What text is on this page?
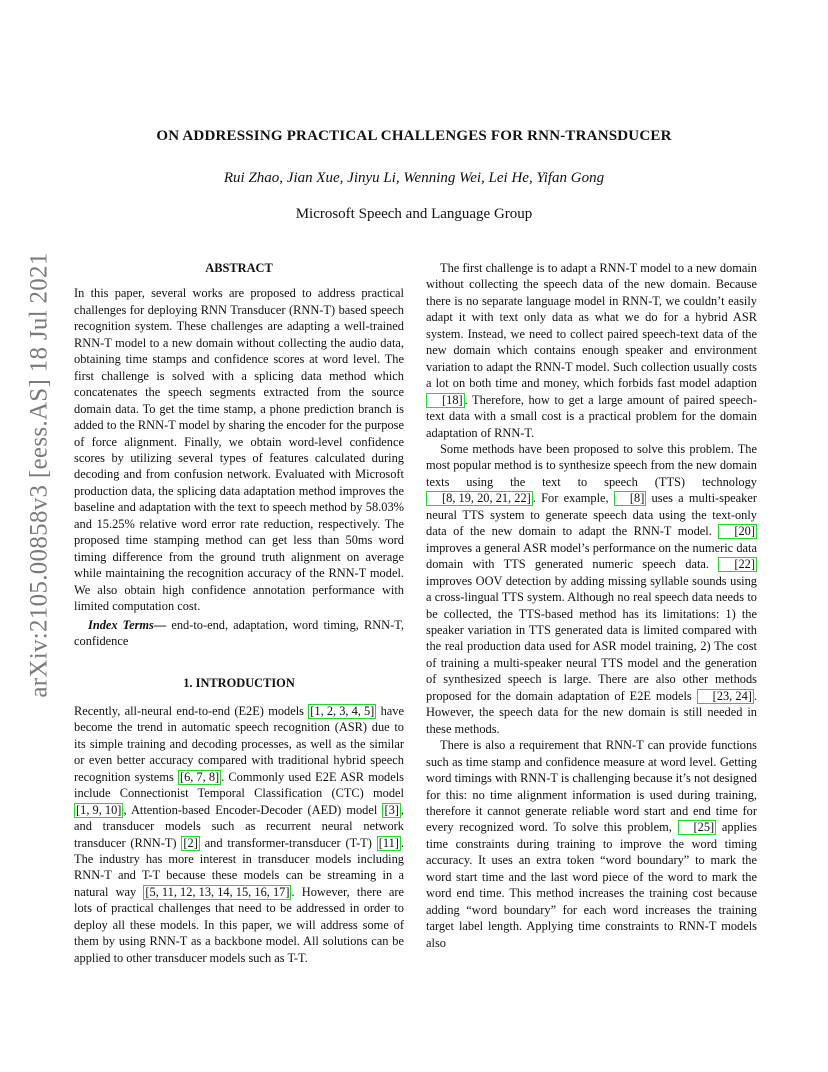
arXiv:2105.00858v3 [eess.AS] 18 Jul 2021
ON ADDRESSING PRACTICAL CHALLENGES FOR RNN-TRANSDUCER
Rui Zhao, Jian Xue, Jinyu Li, Wenning Wei, Lei He, Yifan Gong
Microsoft Speech and Language Group
ABSTRACT

In this paper, several works are proposed to address practical challenges for deploying RNN Transducer (RNN-T) based speech recognition system. These challenges are adapting a well-trained RNN-T model to a new domain without collecting the audio data, obtaining time stamps and confidence scores at word level. The first challenge is solved with a splicing data method which concatenates the speech segments extracted from the source domain data. To get the time stamp, a phone prediction branch is added to the RNN-T model by sharing the encoder for the purpose of force alignment. Finally, we obtain word-level confidence scores by utilizing several types of features calculated during decoding and from confusion network. Evaluated with Microsoft production data, the splicing data adaptation method improves the baseline and adaptation with the text to speech method by 58.03% and 15.25% relative word error rate reduction, respectively. The proposed time stamping method can get less than 50ms word timing difference from the ground truth alignment on average while maintaining the recognition accuracy of the RNN-T model. We also obtain high confidence annotation performance with limited computation cost.

Index Terms— end-to-end, adaptation, word timing, RNN-T, confidence

1. INTRODUCTION

Recently, all-neural end-to-end (E2E) models [1, 2, 3, 4, 5] have become the trend in automatic speech recognition (ASR) due to its simple training and decoding processes, as well as the similar or even better accuracy compared with traditional hybrid speech recognition systems [6, 7, 8] . Commonly used E2E ASR models include Connectionist Temporal Classification (CTC) model [1, 9, 10] , Attention-based Encoder-Decoder (AED) model [3] , and transducer models such as recurrent neural network transducer (RNN-T) [2] and transformer-transducer (T-T) [11] . The industry has more interest in transducer models including RNN-T and T-T because these models can be streaming in a natural way [5, 11, 12, 13, 14, 15, 16, 17] . However, there are lots of practical challenges that need to be addressed in order to deploy all these models. In this paper, we will address some of them by using RNN-T as a backbone model. All solutions can be applied to other transducer models such as T-T.

The first challenge is to adapt a RNN-T model to a new domain without collecting the speech data of the new domain. Because there is no separate language model in RNN-T, we couldn’t easily adapt it with text only data as what we do for a hybrid ASR system. Instead, we need to collect paired speech-text data of the new domain which contains enough speaker and environment variation to adapt the RNN-T model. Such collection usually costs a lot on both time and money, which forbids fast model adaption [18] . Therefore, how to get a large amount of paired speech-text data with a small cost is a practical problem for the domain adaptation of RNN-T.

Some methods have been proposed to solve this problem. The most popular method is to synthesize speech from the new domain texts using the text to speech (TTS) technology [8, 19, 20, 21, 22] . For example, [8] uses a multi-speaker neural TTS system to generate speech data using the text-only data of the new domain to adapt the RNN-T model. [20] improves a general ASR model’s performance on the numeric data domain with TTS generated numeric speech data. [22] improves OOV detection by adding missing syllable sounds using a cross-lingual TTS system. Although no real speech data needs to be collected, the TTS-based method has its limitations: 1) the speaker variation in TTS generated data is limited compared with the real production data used for ASR model training, 2) The cost of training a multi-speaker neural TTS model and the generation of synthesized speech is large. There are also other methods proposed for the domain adaptation of E2E models [23, 24] . However, the speech data for the new domain is still needed in these methods.

There is also a requirement that RNN-T can provide functions such as time stamp and confidence measure at word level. Getting word timings with RNN-T is challenging because it’s not designed for this: no time alignment information is used during training, therefore it cannot generate reliable word start and end time for every recognized word. To solve this problem, [25] applies time constraints during training to improve the word timing accuracy. It uses an extra token “word boundary” to mark the word start time and the last word piece of the word to mark the word end time. This method increases the training cost because adding “word boundary” for each word increases the training target label length. Applying time constraints to RNN-T models also
